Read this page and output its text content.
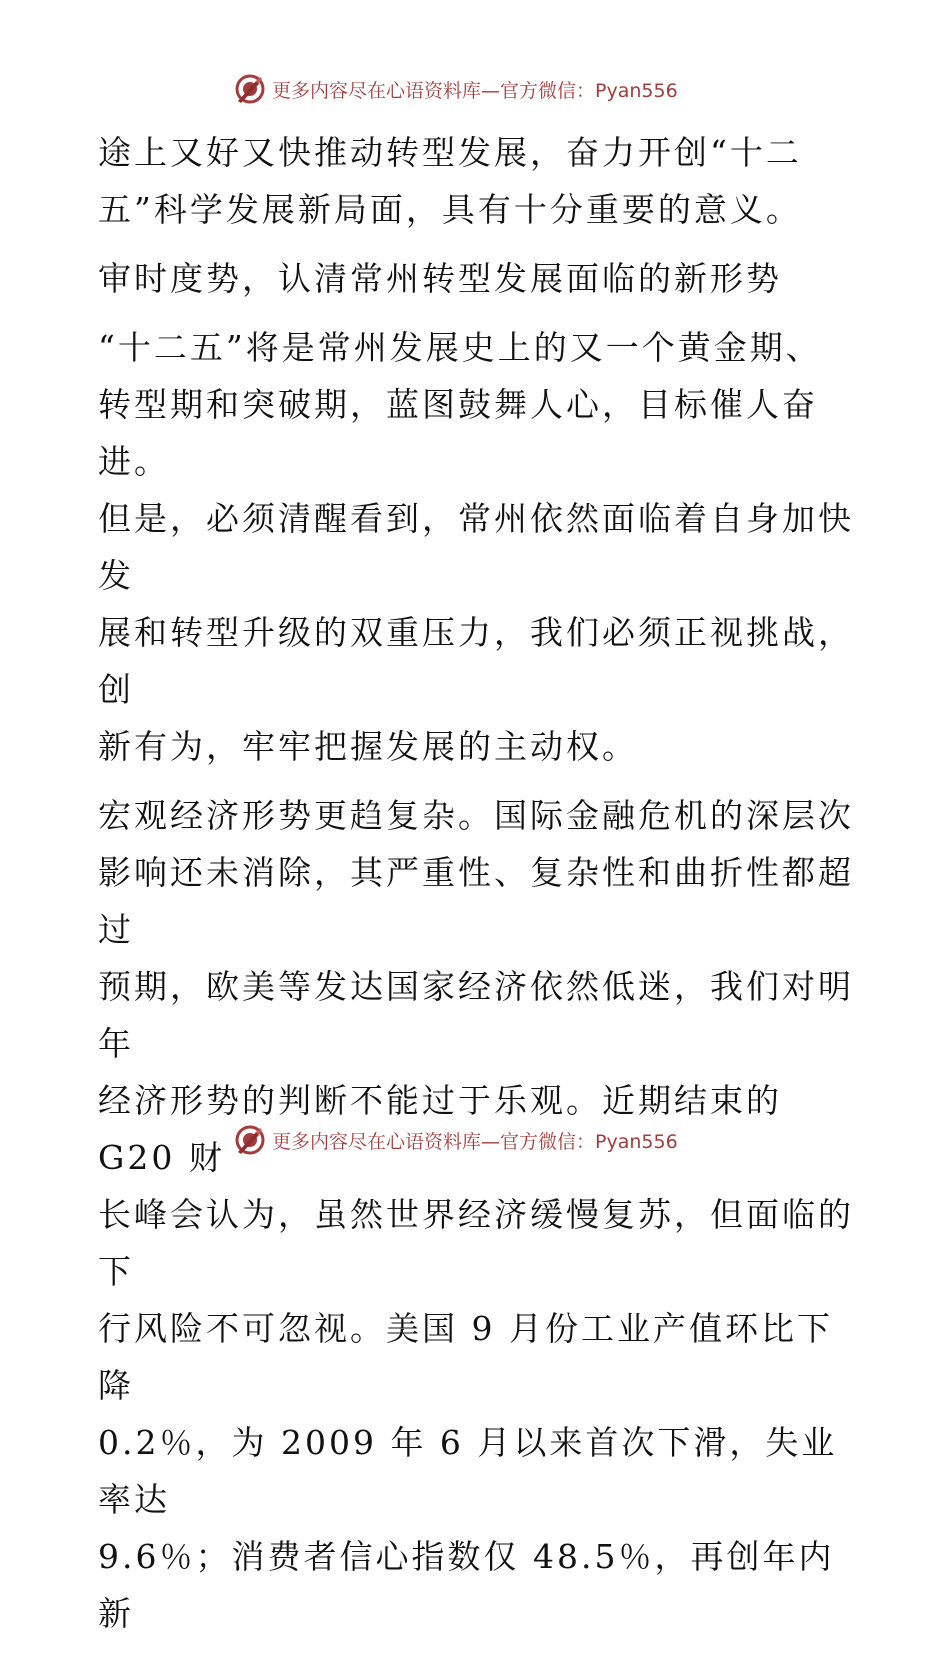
更多内容尽在心语资料库—官方微信：Pyan556

途上又好又快推动转型发展，奋力开创“十二
五”科学发展新局面，具有十分重要的意义。

审时度势，认清常州转型发展面临的新形势

“十二五”将是常州发展史上的又一个黄金期、
转型期和突破期，蓝图鼓舞人心，目标催人奋进。
但是，必须清醒看到，常州依然面临着自身加快发
展和转型升级的双重压力，我们必须正视挑战，创
新有为，牢牢把握发展的主动权。

宏观经济形势更趋复杂。国际金融危机的深层次
影响还未消除，其严重性、复杂性和曲折性都超过
预期，欧美等发达国家经济依然低迷，我们对明年
经济形势的判断不能过于乐观。近期结束的 G20 财
长峰会认为，虽然世界经济缓慢复苏，但面临的下
行风险不可忽视。美国 9 月份工业产值环比下降
0.2％，为 2009 年 6 月以来首次下滑，失业率达
9.6％；消费者信心指数仅 48.5％，再创年内新

更多内容尽在心语资料库—官方微信：Pyan556
